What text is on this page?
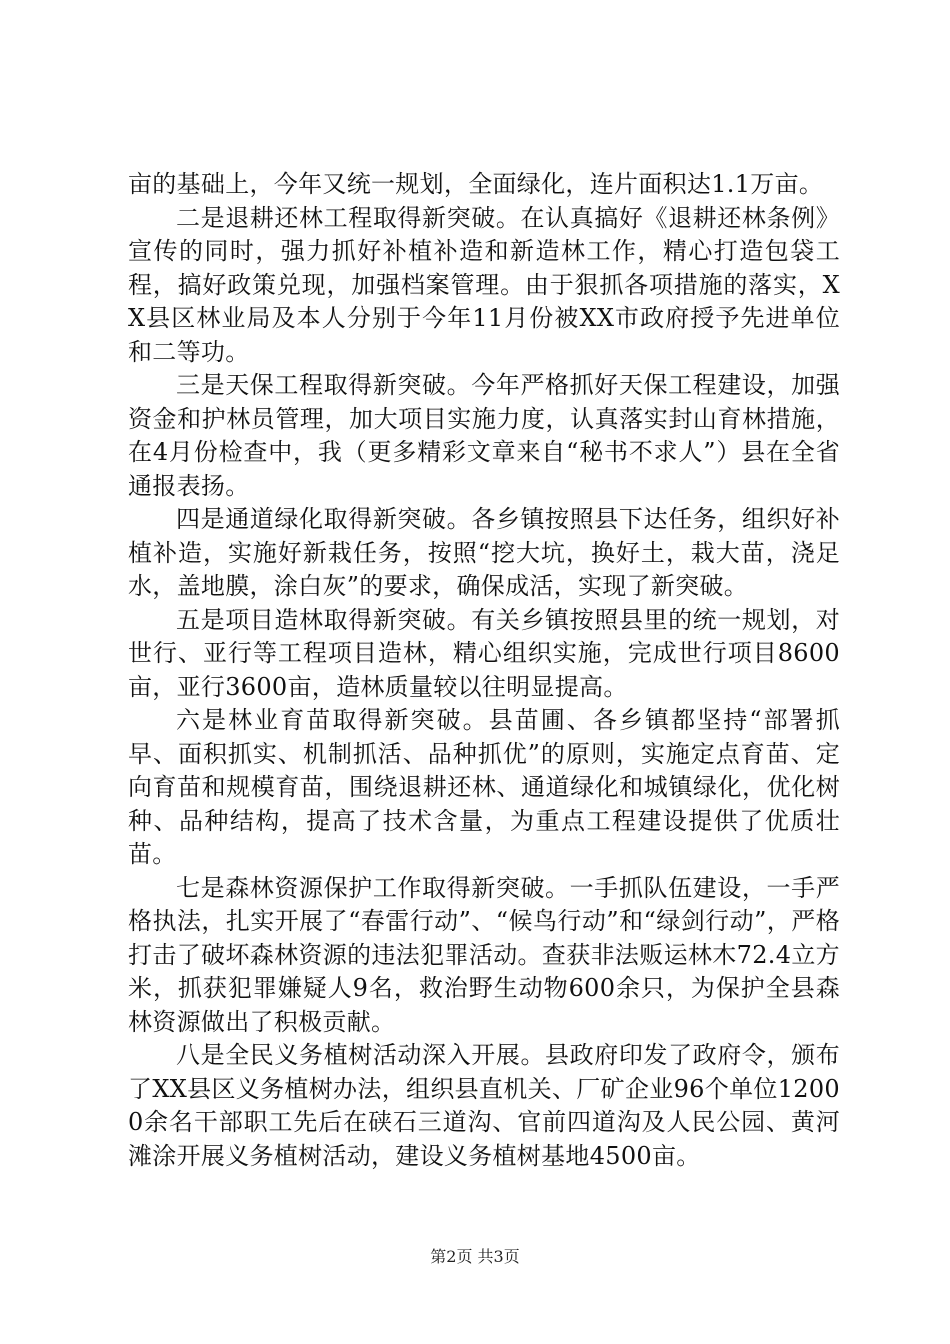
亩的基础上，今年又统一规划，全面绿化，连片面积达1.1万亩。

二是退耕还林工程取得新突破。在认真搞好《退耕还林条例》宣传的同时，强力抓好补植补造和新造林工作，精心打造包袋工程，搞好政策兑现，加强档案管理。由于狠抓各项措施的落实，XX县区林业局及本人分别于今年11月份被XX市政府授予先进单位和二等功。

三是天保工程取得新突破。今年严格抓好天保工程建设，加强资金和护林员管理，加大项目实施力度，认真落实封山育林措施，在4月份检查中，我（更多精彩文章来自“秘书不求人”）县在全省通报表扬。

四是通道绿化取得新突破。各乡镇按照县下达任务，组织好补植补造，实施好新栽任务，按照“挖大坑，换好土，栽大苗，浇足水，盖地膜，涂白灰”的要求，确保成活，实现了新突破。

五是项目造林取得新突破。有关乡镇按照县里的统一规划，对世行、亚行等工程项目造林，精心组织实施，完成世行项目8600亩，亚行3600亩，造林质量较以往明显提高。

六是林业育苗取得新突破。县苗圃、各乡镇都坚持“部署抓早、面积抓实、机制抓活、品种抓优”的原则，实施定点育苗、定向育苗和规模育苗，围绕退耕还林、通道绿化和城镇绿化，优化树种、品种结构，提高了技术含量，为重点工程建设提供了优质壮苗。

七是森林资源保护工作取得新突破。一手抓队伍建设，一手严格执法，扎实开展了“春雷行动”、“候鸟行动”和“绿剑行动”，严格打击了破坏森林资源的违法犯罪活动。查获非法贩运林木72.4立方米，抓获犯罪嫌疑人9名，救治野生动物600余只，为保护全县森林资源做出了积极贡献。

八是全民义务植树活动深入开展。县政府印发了政府令，颁布了XX县区义务植树办法，组织县直机关、厂矿企业96个单位12000余名干部职工先后在硖石三道沟、官前四道沟及人民公园、黄河滩涂开展义务植树活动，建设义务植树基地4500亩。

第2页 共3页
